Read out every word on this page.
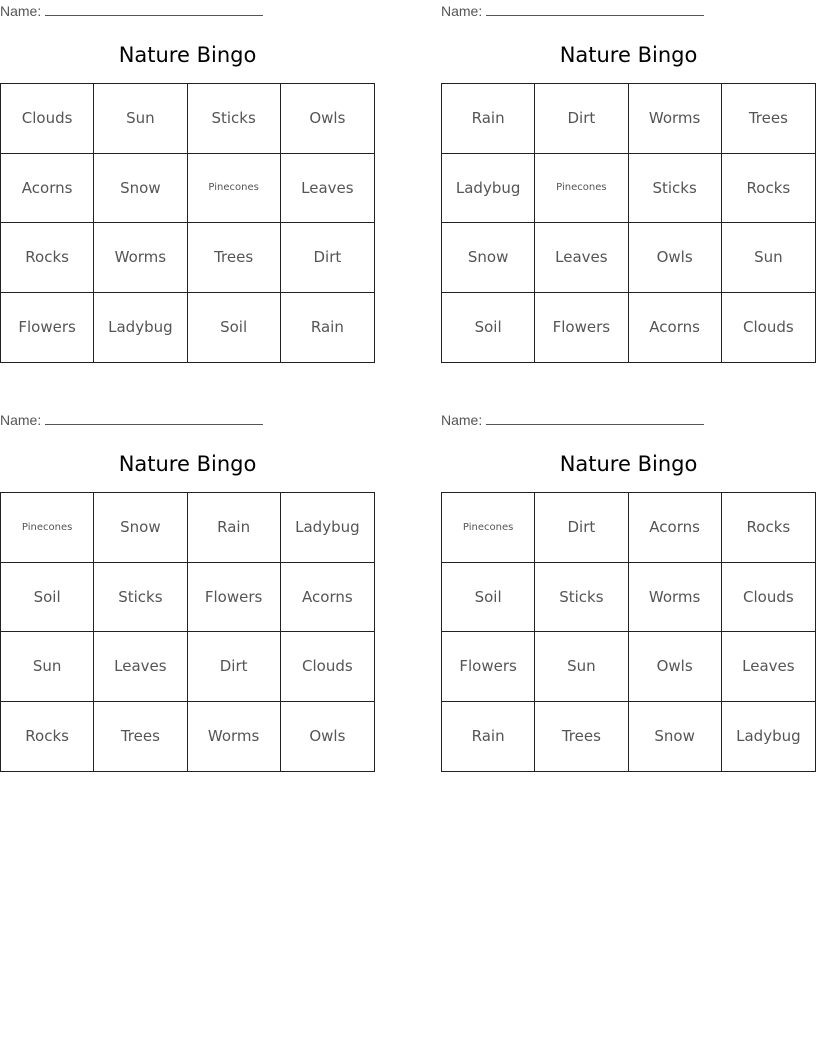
Name:
Nature Bingo
Clouds	Sun	Sticks	Owls
Acorns	Snow	Pinecones	Leaves
Rocks	Worms	Trees	Dirt
Flowers	Ladybug	Soil	Rain
Name:
Nature Bingo
Rain	Dirt	Worms	Trees
Ladybug	Pinecones	Sticks	Rocks
Snow	Leaves	Owls	Sun
Soil	Flowers	Acorns	Clouds
Name:
Nature Bingo
Pinecones	Snow	Rain	Ladybug
Soil	Sticks	Flowers	Acorns
Sun	Leaves	Dirt	Clouds
Rocks	Trees	Worms	Owls
Name:
Nature Bingo
Pinecones	Dirt	Acorns	Rocks
Soil	Sticks	Worms	Clouds
Flowers	Sun	Owls	Leaves
Rain	Trees	Snow	Ladybug
